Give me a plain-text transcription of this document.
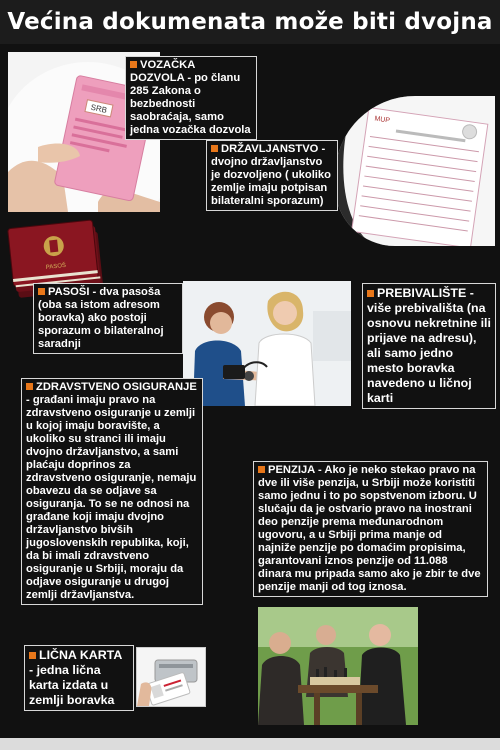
Većina dokumenata može biti dvojna
SRB
VOZAČKA DOZVOLA - po članu 285 Zakona o bezbednosti saobraćaja, samo jedna vozačka dozvola
MUP
DRŽAVLJANSTVO - dvojno državljanstvo je dozvoljeno ( ukoliko zemlje imaju potpisan bilateralni sporazum)
PASOŠ
PASOŠI - dva pasoša (oba sa istom adresom boravka) ako postoji sporazum o bilateralnoj saradnji
PREBIVALIŠTE - više prebivališta (na osnovu nekretnine ili prijave na adresu), ali samo jedno mesto boravka navedeno u ličnoj karti
ZDRAVSTVENO OSIGURANJE - građani imaju pravo na zdravstveno osiguranje u zemlji u kojoj imaju boravište, a ukoliko su stranci ili imaju dvojno državljanstvo, a sami plaćaju doprinos za zdravstveno osiguranje, nemaju obavezu da se odjave sa osiguranja. To se ne odnosi na građane koji imaju dvojno državljanstvo bivših jugoslovenskih republika, koji, da bi imali zdravstveno osiguranje u Srbiji, moraju da odjave osiguranje u drugoj zemlji državljanstva.
PENZIJA - Ako je neko stekao pravo na dve ili više penzija, u Srbiji može koristiti samo jednu i to po sopstvenom izboru. U slučaju da je ostvario pravo na inostrani deo penzije prema međunarodnom ugovoru, a u Srbiji prima manje od najniže penzije po domaćim propisima, garantovani iznos penzije od 11.088 dinara mu pripada samo ako je zbir te dve penzije manji od tog iznosa.
LIČNA KARTA - jedna lična karta izdata u zemlji boravka
